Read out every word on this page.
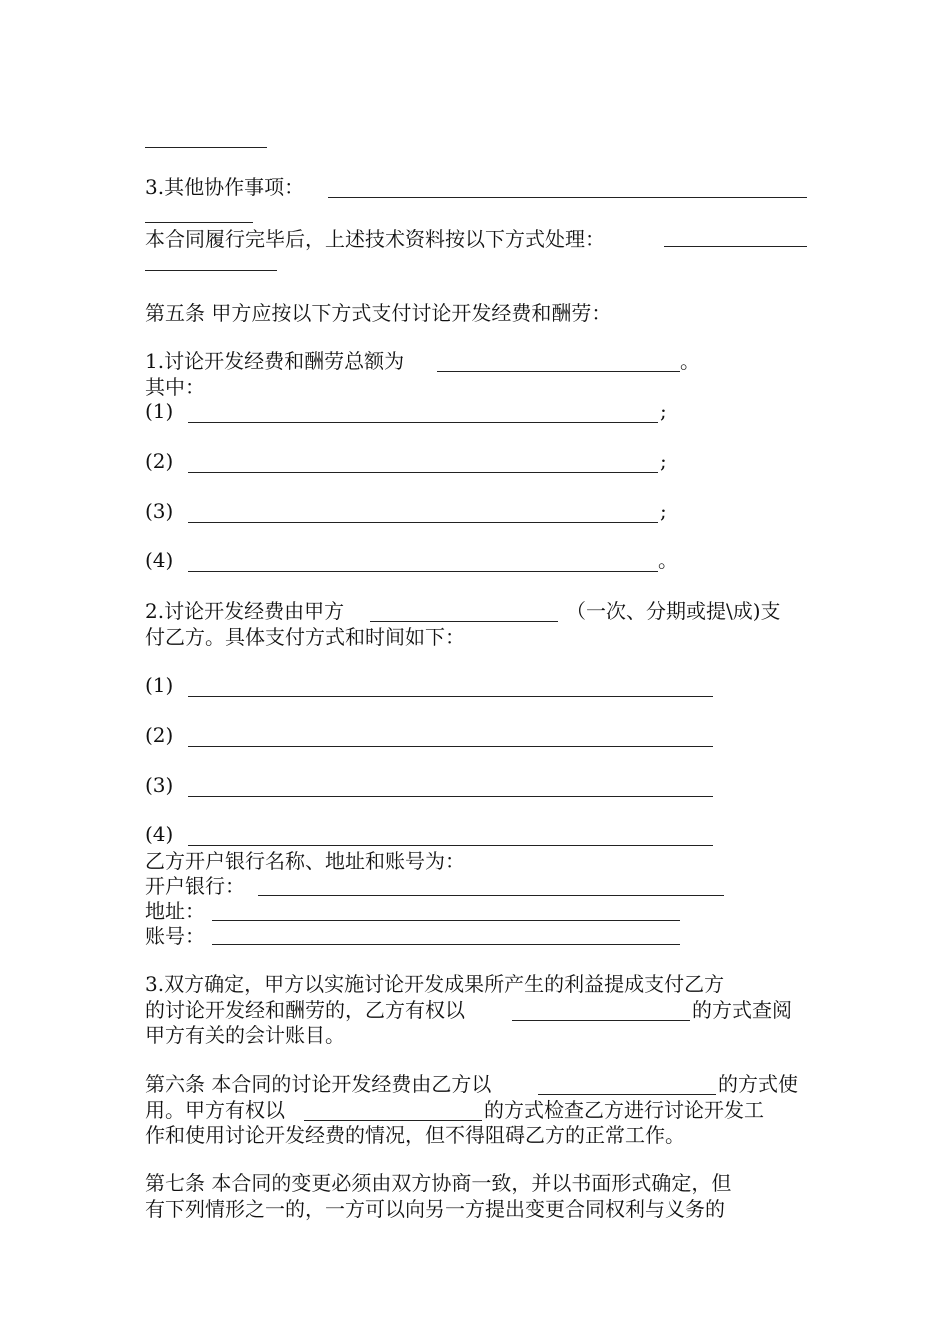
3.其他协作事项：
本合同履行完毕后，上述技术资料按以下方式处理：
第五条 甲方应按以下方式支付讨论开发经费和酬劳：
1.讨论开发经费和酬劳总额为	。
其中：
(1)	;
(2)	;
(3)	;
(4)	。
2.讨论开发经费由甲方	（一次、分期或提\成)支
付乙方。具体支付方式和时间如下：
(1)
(2)
(3)
(4)
乙方开户银行名称、地址和账号为：
开户银行：
地址：
账号：
3.双方确定，甲方以实施讨论开发成果所产生的利益提成支付乙方
的讨论开发经和酬劳的，乙方有权以	的方式查阅
甲方有关的会计账目。
第六条 本合同的讨论开发经费由乙方以	的方式使
用。甲方有权以	的方式检查乙方进行讨论开发工
作和使用讨论开发经费的情况，但不得阻碍乙方的正常工作。
第七条 本合同的变更必须由双方协商一致，并以书面形式确定，但
有下列情形之一的，一方可以向另一方提出变更合同权利与义务的
